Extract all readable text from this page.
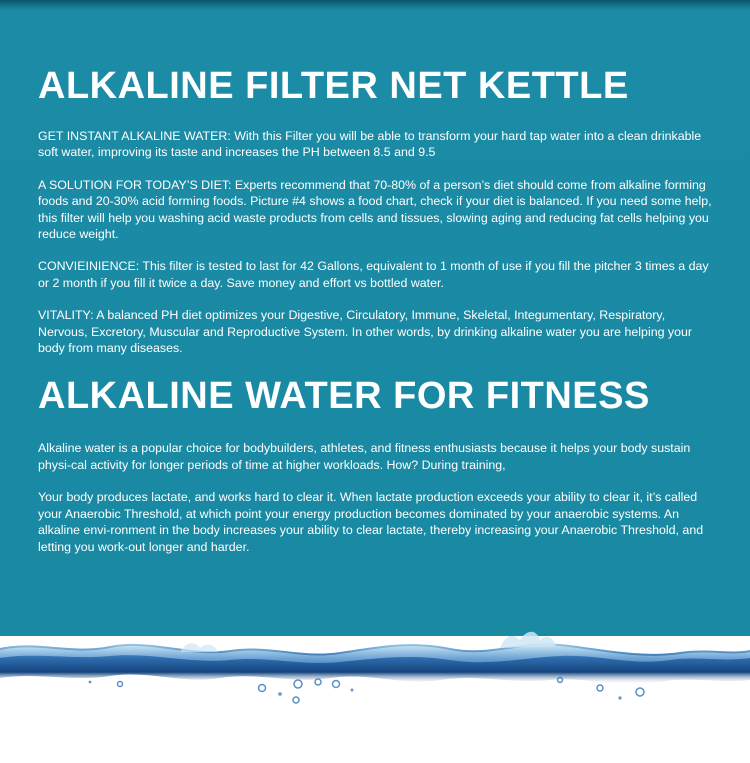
ALKALINE FILTER NET KETTLE

GET INSTANT ALKALINE WATER: With this Filter you will be able to transform your hard tap water into a clean drinkable soft water, improving its taste and increases the PH between 8.5 and 9.5

A SOLUTION FOR TODAY’S DIET: Experts recommend that 70-80% of a person’s diet should come from alkaline forming foods and 20-30% acid forming foods. Picture #4 shows a food chart, check if your diet is balanced. If you need some help, this filter will help you washing acid waste products from cells and tissues, slowing aging and reducing fat cells helping you reduce weight.

CONVIEINIENCE: This filter is tested to last for 42 Gallons, equivalent to 1 month of use if you fill the pitcher 3 times a day or 2 month if you fill it twice a day. Save money and effort vs bottled water.

VITALITY: A balanced PH diet optimizes your Digestive, Circulatory, Immune, Skeletal, Integumentary, Respiratory, Nervous, Excretory, Muscular and Reproductive System. In other words, by drinking alkaline water you are helping your body from many diseases.

ALKALINE WATER FOR FITNESS

Alkaline water is a popular choice for bodybuilders, athletes, and fitness enthusiasts because it helps your body sustain physi-cal activity for longer periods of time at higher workloads. How? During training,

Your body produces lactate, and works hard to clear it. When lactate production exceeds your ability to clear it, it’s called your Anaerobic Threshold, at which point your energy production becomes dominated by your anaerobic systems. An alkaline envi-ronment in the body increases your ability to clear lactate, thereby increasing your Anaerobic Threshold, and letting you work-out longer and harder.
